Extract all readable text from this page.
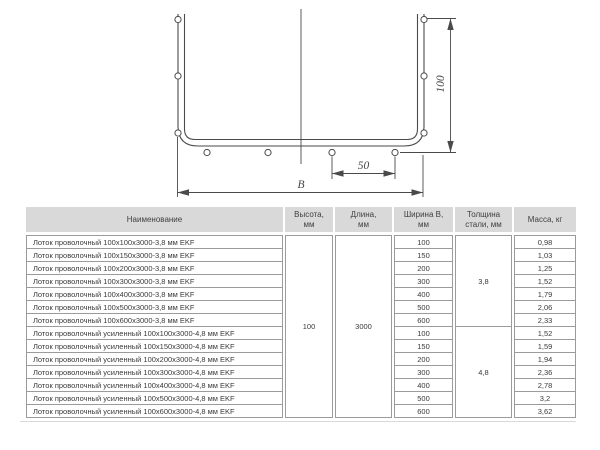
100
50
B
Наименование
Высота,
мм
Длина,
мм
Ширина В,
мм
Толщина
стали, мм
Масса, кг
Лоток проволочный 100х100х3000-3,8 мм EKF
Лоток проволочный 100х150х3000-3,8 мм EKF
Лоток проволочный 100х200х3000-3,8 мм EKF
Лоток проволочный 100х300х3000-3,8 мм EKF
Лоток проволочный 100х400х3000-3,8 мм EKF
Лоток проволочный 100х500х3000-3,8 мм EKF
Лоток проволочный 100х600х3000-3,8 мм EKF
Лоток проволочный усиленный 100х100х3000-4,8 мм EKF
Лоток проволочный усиленный 100х150х3000-4,8 мм EKF
Лоток проволочный усиленный 100х200х3000-4,8 мм EKF
Лоток проволочный усиленный 100х300х3000-4,8 мм EKF
Лоток проволочный усиленный 100х400х3000-4,8 мм EKF
Лоток проволочный усиленный 100х500х3000-4,8 мм EKF
Лоток проволочный усиленный 100х600х3000-4,8 мм EKF
100	3000
100
150
200
300
400
500
600
100
150
200
300
400
500
600
3,8
4,8
0,98
1,03
1,25
1,52
1,79
2,06
2,33
1,52
1,59
1,94
2,36
2,78
3,2
3,62
